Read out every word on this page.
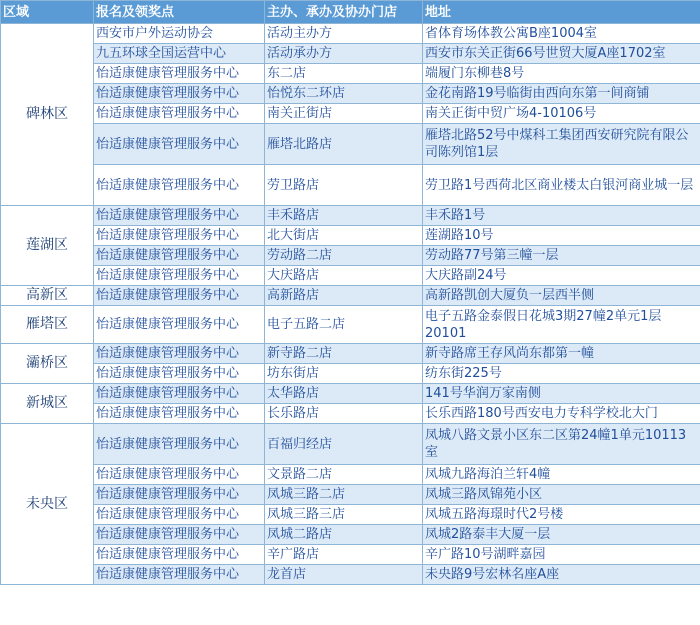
区域	报名及领奖点	主办、承办及协办门店	地址
碑林区	西安市户外运动协会	活动主办方	省体育场体教公寓B座1004室
	九五环球全国运营中心	活动承办方	西安市东关正街66号世贸大厦A座1702室
	怡适康健康管理服务中心	东二店	端履门东柳巷8号
	怡适康健康管理服务中心	怡悦东二环店	金花南路19号临街由西向东第一间商铺
	怡适康健康管理服务中心	南关正街店	南关正街中贸广场4-10106号
	怡适康健康管理服务中心	雁塔北路店	雁塔北路52号中煤科工集团西安研究院有限公司陈列馆1层
	怡适康健康管理服务中心	劳卫路店	劳卫路1号西荷北区商业楼太白银河商业城一层
莲湖区	怡适康健康管理服务中心	丰禾路店	丰禾路1号
	怡适康健康管理服务中心	北大街店	莲湖路10号
	怡适康健康管理服务中心	劳动路二店	劳动路77号第三幢一层
	怡适康健康管理服务中心	大庆路店	大庆路副24号
高新区	怡适康健康管理服务中心	高新路店	高新路凯创大厦负一层西半侧
雁塔区	怡适康健康管理服务中心	电子五路二店	电子五路金泰假日花城3期27幢2单元1层20101
灞桥区	怡适康健康管理服务中心	新寺路二店	新寺路席王存风尚东都第一幢
	怡适康健康管理服务中心	坊东街店	纺东街225号
新城区	怡适康健康管理服务中心	太华路店	141号华润万家南侧
	怡适康健康管理服务中心	长乐路店	长乐西路180号西安电力专科学校北大门
未央区	怡适康健康管理服务中心	百福归经店	凤城八路文景小区东二区第24幢1单元10113室
	怡适康健康管理服务中心	文景路二店	凤城九路海泊兰轩4幢
	怡适康健康管理服务中心	凤城三路二店	凤城三路凤锦苑小区
	怡适康健康管理服务中心	凤城三路三店	凤城五路海璟时代2号楼
	怡适康健康管理服务中心	凤城二路店	凤城2路泰丰大厦一层
	怡适康健康管理服务中心	辛广路店	辛广路10号湖畔嘉园
	怡适康健康管理服务中心	龙首店	未央路9号宏林名座A座
